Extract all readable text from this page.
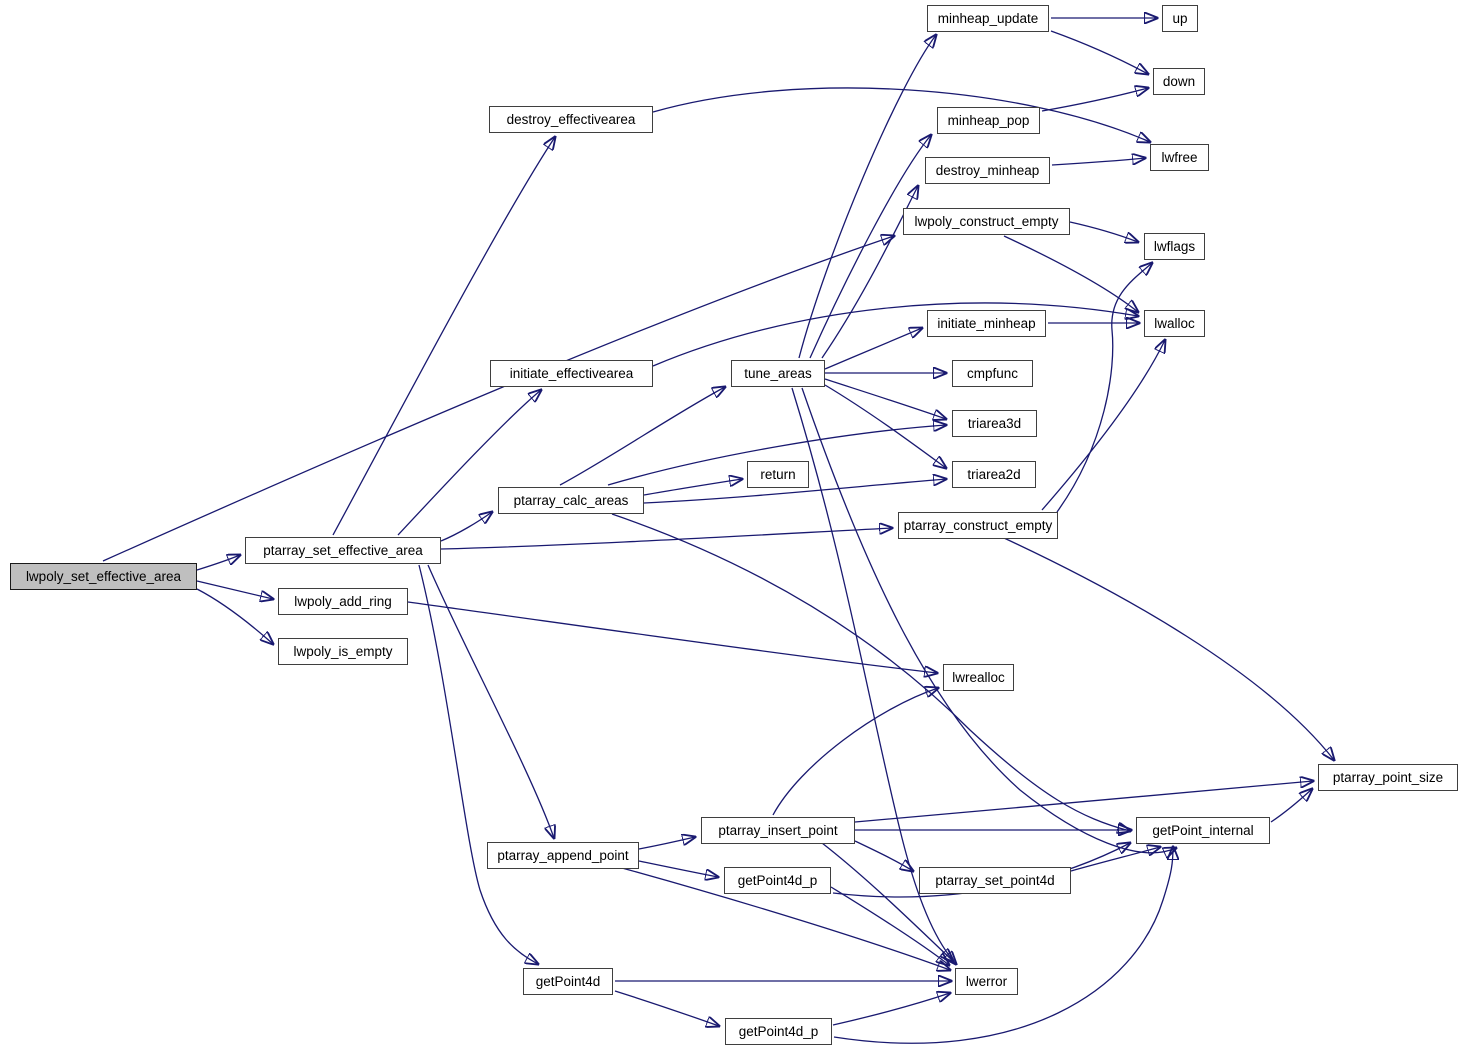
lwpoly_set_effective_area
ptarray_set_effective_area
lwpoly_add_ring
lwpoly_is_empty
destroy_effectivearea
initiate_effectivearea
ptarray_calc_areas
tune_areas
return
minheap_update	up
down
minheap_pop
lwfree
destroy_minheap
lwpoly_construct_empty
lwflags
initiate_minheap	lwalloc
cmpfunc
triarea3d
triarea2d
ptarray_construct_empty
lwrealloc
ptarray_point_size
ptarray_insert_point	getPoint_internal
ptarray_append_point
getPoint4d_p	ptarray_set_point4d
getPoint4d	lwerror
getPoint4d_p
